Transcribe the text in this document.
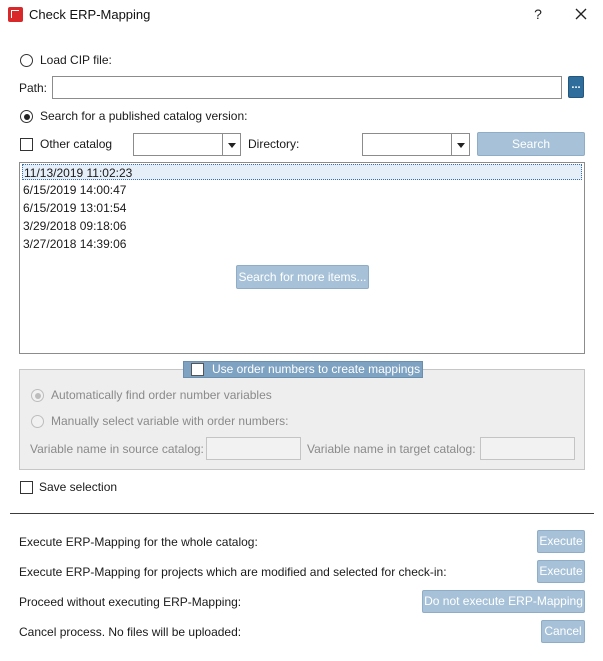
Check ERP-Mapping	?
Load CIP file:
Path:	...
Search for a published catalog version:
Other catalog	Directory:	Search
11/13/2019 11:02:23
6/15/2019 14:00:47
6/15/2019 13:01:54
3/29/2018 09:18:06
3/27/2018 14:39:06
Search for more items...
Automatically find order number variables
Manually select variable with order numbers:
Variable name in source catalog:	Variable name in target catalog:
Use order numbers to create mappings
Save selection
Execute ERP-Mapping for the whole catalog:	Execute
Execute ERP-Mapping for projects which are modified and selected for check-in:	Execute
Proceed without executing ERP-Mapping:	Do not execute ERP-Mapping
Cancel process. No files will be uploaded:	Cancel
